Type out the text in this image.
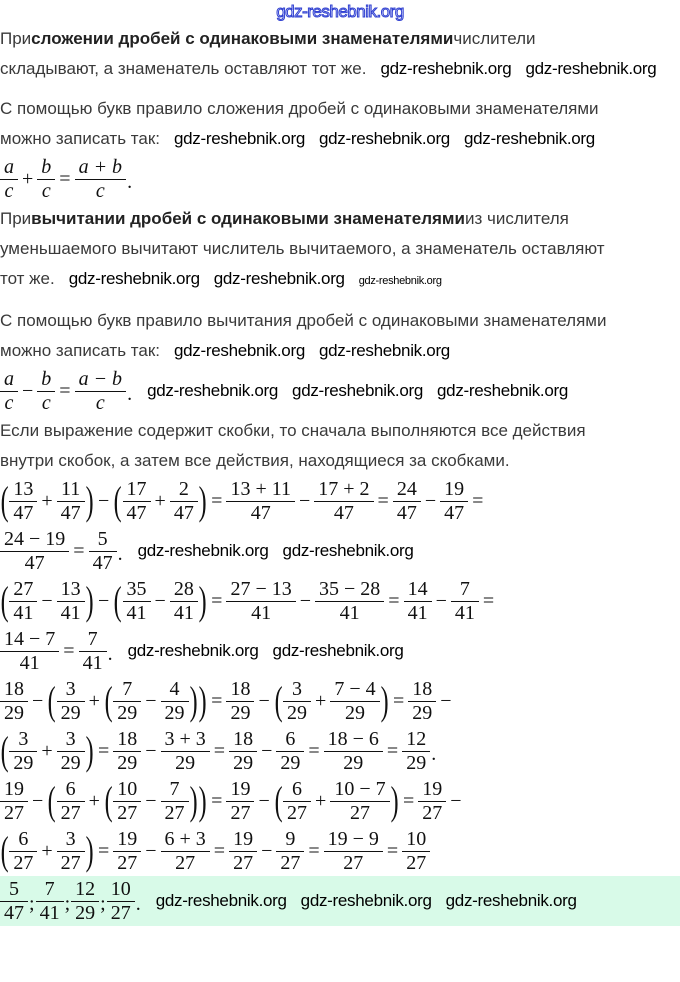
gdz-reshebnik.org
При сложении дробей с одинаковыми знаменателями числители
складывают, а знаменатель оставляют тот же. gdz-reshebnik.org gdz-reshebnik.org
С помощью букв правило сложения дробей с одинаковыми знаменателями
можно записать так: gdz-reshebnik.org gdz-reshebnik.org gdz-reshebnik.org
$\frac{a}{c} + \frac{b}{c} = \frac{a + b}{c}$ .
При вычитании дробей с одинаковыми знаменателями из числителя
уменьшаемого вычитают числитель вычитаемого, а знаменатель оставляют
тот же. gdz-reshebnik.org gdz-reshebnik.org gdz-reshebnik.org
С помощью букв правило вычитания дробей с одинаковыми знаменателями
можно записать так: gdz-reshebnik.org gdz-reshebnik.org
$\frac{a}{c} - \frac{b}{c} = \frac{a - b}{c}$ . gdz-reshebnik.org gdz-reshebnik.org gdz-reshebnik.org
Если выражение содержит скобки, то сначала выполняются все действия
внутри скобок, а затем все действия, находящиеся за скобками.
( $\frac{13}{47} + \frac{11}{47}$ ) − ( $\frac{17}{47} + \frac{2}{47}$ ) = $\frac{13 + 11}{47} - \frac{17 + 2}{47} = \frac{24}{47} - \frac{19}{47}$ =
$\frac{24 - 19}{47} = \frac{5}{47}$ . gdz-reshebnik.org gdz-reshebnik.org
( $\frac{27}{41} - \frac{13}{41}$ ) − ( $\frac{35}{41} - \frac{28}{41}$ ) = $\frac{27 - 13}{41} - \frac{35 - 28}{41} = \frac{14}{41} - \frac{7}{41}$ =
$\frac{14 - 7}{41} = \frac{7}{41}$ . gdz-reshebnik.org gdz-reshebnik.org
$\frac{18}{29}$ − ( $\frac{3}{29}$ + ( $\frac{7}{29} - \frac{4}{29}$ ) ) = $\frac{18}{29}$ − ( $\frac{3}{29} + \frac{7 - 4}{29}$ ) = $\frac{18}{29}$ −
( $\frac{3}{29} + \frac{3}{29}$ ) = $\frac{18}{29} - \frac{3 + 3}{29} = \frac{18}{29} - \frac{6}{29} = \frac{18 - 6}{29} = \frac{12}{29}$ .
$\frac{19}{27}$ − ( $\frac{6}{27}$ + ( $\frac{10}{27} - \frac{7}{27}$ ) ) = $\frac{19}{27}$ − ( $\frac{6}{27} + \frac{10 - 7}{27}$ ) = $\frac{19}{27}$ −
( $\frac{6}{27} + \frac{3}{27}$ ) = $\frac{19}{27} - \frac{6 + 3}{27} = \frac{19}{27} - \frac{9}{27} = \frac{19 - 9}{27} = \frac{10}{27}$
$\frac{5}{47}$ ; $\frac{7}{41}$ ; $\frac{12}{29}$ ; $\frac{10}{27}$ . gdz-reshebnik.org gdz-reshebnik.org gdz-reshebnik.org
